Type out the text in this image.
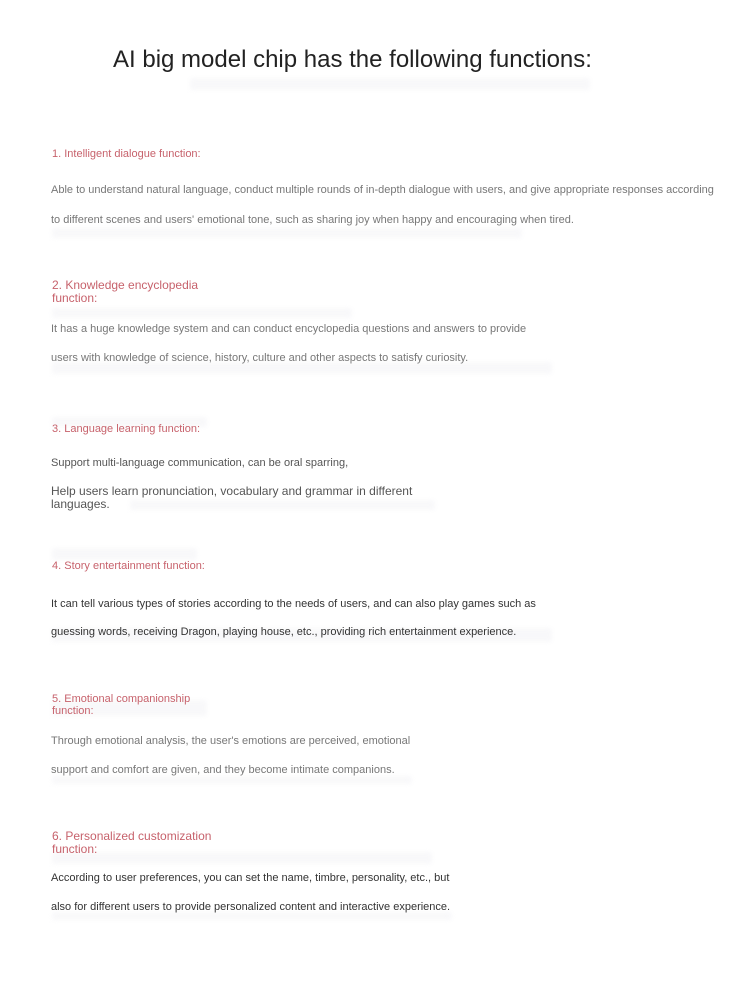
AI big model chip has the following functions:
1. Intelligent dialogue function:
Able to understand natural language, conduct multiple rounds of in-depth dialogue with users, and give appropriate responses according
to different scenes and users' emotional tone, such as sharing joy when happy and encouraging when tired.
2. Knowledge encyclopedia
function:
It has a huge knowledge system and can conduct encyclopedia questions and answers to provide
users with knowledge of science, history, culture and other aspects to satisfy curiosity.
3. Language learning function:
Support multi-language communication, can be oral sparring,
Help users learn pronunciation, vocabulary and grammar in different
languages.
4. Story entertainment function:
It can tell various types of stories according to the needs of users, and can also play games such as
guessing words, receiving Dragon, playing house, etc., providing rich entertainment experience.
5. Emotional companionship
function:
Through emotional analysis, the user's emotions are perceived, emotional
support and comfort are given, and they become intimate companions.
6. Personalized customization
function:
According to user preferences, you can set the name, timbre, personality, etc., but
also for different users to provide personalized content and interactive experience.
